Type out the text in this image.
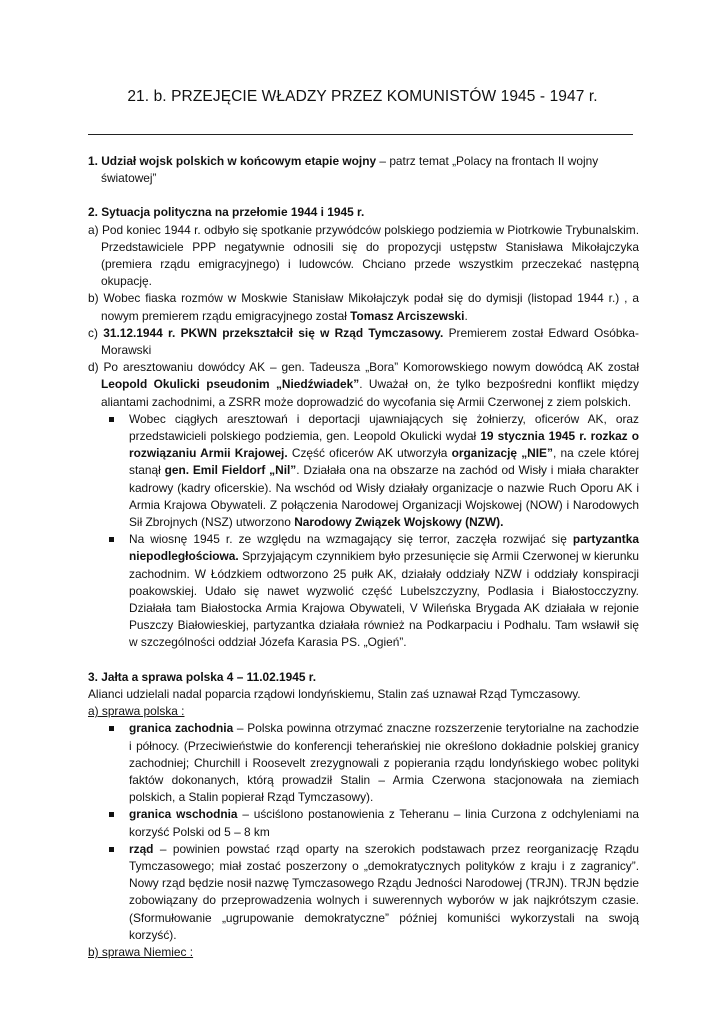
21. b. PRZEJĘCIE WŁADZY PRZEZ KOMUNISTÓW 1945 - 1947 r.

1. Udział wojsk polskich w końcowym etapie wojny – patrz temat „Polacy na frontach II wojny światowej”

2. Sytuacja polityczna na przełomie 1944 i 1945 r.

a) Pod koniec 1944 r. odbyło się spotkanie przywódców polskiego podziemia w Piotrkowie Trybunalskim. Przedstawiciele PPP negatywnie odnosili się do propozycji ustępstw Stanisława Mikołajczyka (premiera rządu emigracyjnego) i ludowców. Chciano przede wszystkim przeczekać następną okupację.

b) Wobec fiaska rozmów w Moskwie Stanisław Mikołajczyk podał się do dymisji (listopad 1944 r.) , a nowym premierem rządu emigracyjnego został Tomasz Arciszewski.

c) 31.12.1944 r. PKWN przekształcił się w Rząd Tymczasowy. Premierem został Edward Osóbka-Morawski

d) Po aresztowaniu dowódcy AK – gen. Tadeusza „Bora” Komorowskiego nowym dowódcą AK został Leopold Okulicki pseudonim „Niedźwiadek”. Uważał on, że tylko bezpośredni konflikt między aliantami zachodnimi, a ZSRR może doprowadzić do wycofania się Armii Czerwonej z ziem polskich.

Wobec ciągłych aresztowań i deportacji ujawniających się żołnierzy, oficerów AK, oraz przedstawicieli polskiego podziemia, gen. Leopold Okulicki wydał 19 stycznia 1945 r. rozkaz o rozwiązaniu Armii Krajowej. Część oficerów AK utworzyła organizację „NIE”, na czele której stanął gen. Emil Fieldorf „Nil”. Działała ona na obszarze na zachód od Wisły i miała charakter kadrowy (kadry oficerskie). Na wschód od Wisły działały organizacje o nazwie Ruch Oporu AK i Armia Krajowa Obywateli. Z połączenia Narodowej Organizacji Wojskowej (NOW) i Narodowych Sił Zbrojnych (NSZ) utworzono Narodowy Związek Wojskowy (NZW).
Na wiosnę 1945 r. ze względu na wzmagający się terror, zaczęła rozwijać się partyzantka niepodległościowa. Sprzyjającym czynnikiem było przesunięcie się Armii Czerwonej w kierunku zachodnim. W Łódzkiem odtworzono 25 pułk AK, działały oddziały NZW i oddziały konspiracji poakowskiej. Udało się nawet wyzwolić część Lubelszczyzny, Podlasia i Białostocczyzny. Działała tam Białostocka Armia Krajowa Obywateli, V Wileńska Brygada AK działała w rejonie Puszczy Białowieskiej, partyzantka działała również na Podkarpaciu i Podhalu. Tam wsławił się w szczególności oddział Józefa Karasia PS. „Ogień”.

3. Jałta a sprawa polska 4 – 11.02.1945 r.

Alianci udzielali nadal poparcia rządowi londyńskiemu, Stalin zaś uznawał Rząd Tymczasowy.

a) sprawa polska :

granica zachodnia – Polska powinna otrzymać znaczne rozszerzenie terytorialne na zachodzie i północy. (Przeciwieństwie do konferencji teherańskiej nie określono dokładnie polskiej granicy zachodniej; Churchill i Roosevelt zrezygnowali z popierania rządu londyńskiego wobec polityki faktów dokonanych, którą prowadził Stalin – Armia Czerwona stacjonowała na ziemiach polskich, a Stalin popierał Rząd Tymczasowy).
granica wschodnia – uściślono postanowienia z Teheranu – linia Curzona z odchyleniami na korzyść Polski od 5 – 8 km
rząd – powinien powstać rząd oparty na szerokich podstawach przez reorganizację Rządu Tymczasowego; miał zostać poszerzony o „demokratycznych polityków z kraju i z zagranicy”. Nowy rząd będzie nosił nazwę Tymczasowego Rządu Jedności Narodowej (TRJN). TRJN będzie zobowiązany do przeprowadzenia wolnych i suwerennych wyborów w jak najkrótszym czasie. (Sformułowanie „ugrupowanie demokratyczne” później komuniści wykorzystali na swoją korzyść).

b) sprawa Niemiec :
